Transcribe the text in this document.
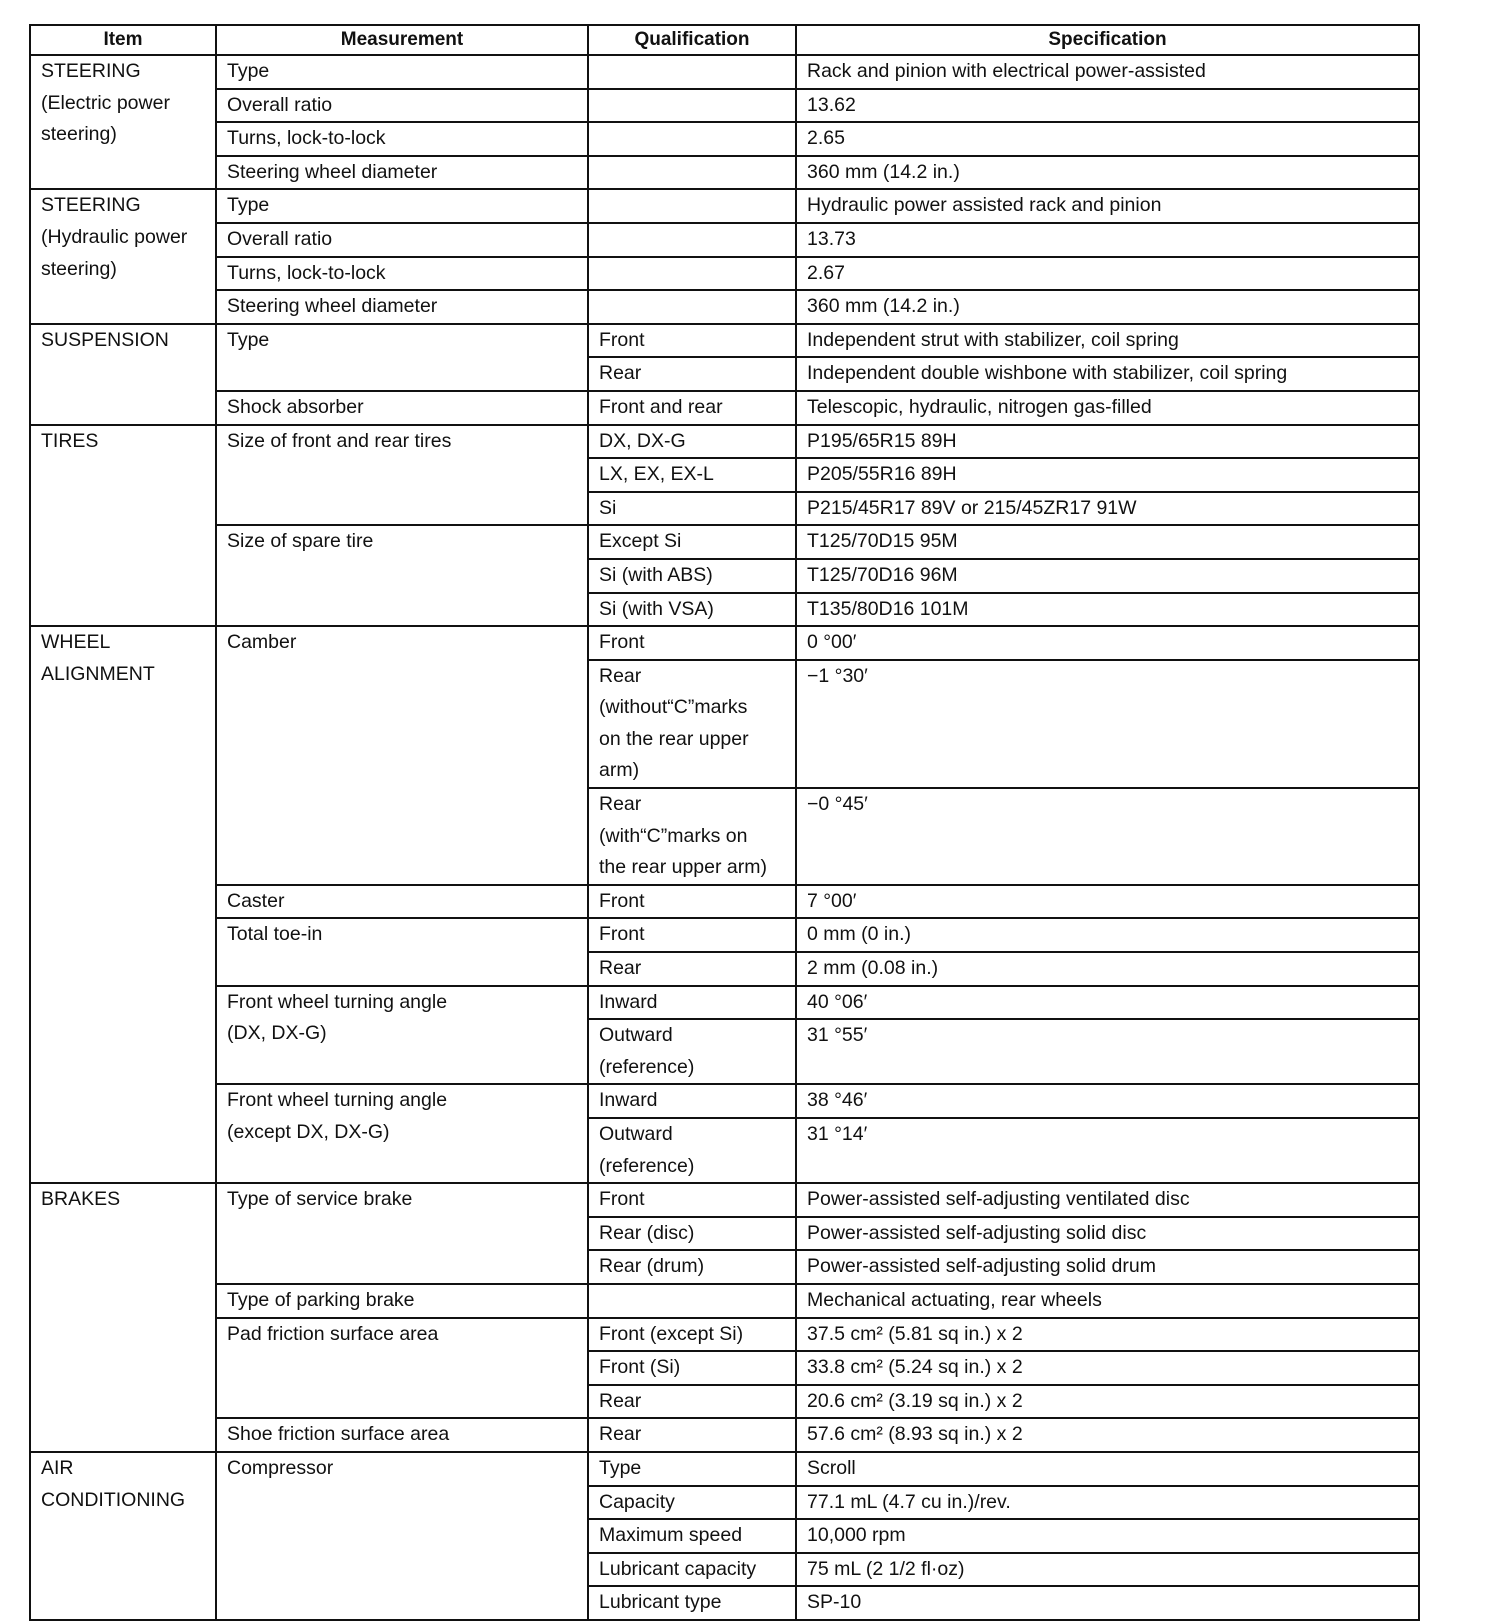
Item	Measurement	Qualification	Specification
STEERING
(Electric power
steering)	Type		Rack and pinion with electrical power-assisted
	Overall ratio		13.62
	Turns, lock-to-lock		2.65
	Steering wheel diameter		360 mm (14.2 in.)
STEERING
(Hydraulic power
steering)	Type		Hydraulic power assisted rack and pinion
	Overall ratio		13.73
	Turns, lock-to-lock		2.67
	Steering wheel diameter		360 mm (14.2 in.)
SUSPENSION	Type	Front	Independent strut with stabilizer, coil spring
		Rear	Independent double wishbone with stabilizer, coil spring
	Shock absorber	Front and rear	Telescopic, hydraulic, nitrogen gas-filled
TIRES	Size of front and rear tires	DX, DX-G	P195/65R15 89H
		LX, EX, EX-L	P205/55R16 89H
		Si	P215/45R17 89V or 215/45ZR17 91W
	Size of spare tire	Except Si	T125/70D15 95M
		Si (with ABS)	T125/70D16 96M
		Si (with VSA)	T135/80D16 101M
WHEEL
ALIGNMENT	Camber	Front	0 °00′
		Rear
(without“C”marks
on the rear upper
arm)	−1 °30′
		Rear
(with“C”marks on
the rear upper arm)	−0 °45′
	Caster	Front	7 °00′
	Total toe-in	Front	0 mm (0 in.)
		Rear	2 mm (0.08 in.)
	Front wheel turning angle
(DX, DX-G)	Inward	40 °06′
		Outward
(reference)	31 °55′
	Front wheel turning angle
(except DX, DX-G)	Inward	38 °46′
		Outward
(reference)	31 °14′
BRAKES	Type of service brake	Front	Power-assisted self-adjusting ventilated disc
		Rear (disc)	Power-assisted self-adjusting solid disc
		Rear (drum)	Power-assisted self-adjusting solid drum
	Type of parking brake		Mechanical actuating, rear wheels
	Pad friction surface area	Front (except Si)	37.5 cm² (5.81 sq in.) x 2
		Front (Si)	33.8 cm² (5.24 sq in.) x 2
		Rear	20.6 cm² (3.19 sq in.) x 2
	Shoe friction surface area	Rear	57.6 cm² (8.93 sq in.) x 2
AIR
CONDITIONING	Compressor	Type	Scroll
		Capacity	77.1 mL (4.7 cu in.)/rev.
		Maximum speed	10,000 rpm
		Lubricant capacity	75 mL (2 1/2 fl·oz)
		Lubricant type	SP-10
